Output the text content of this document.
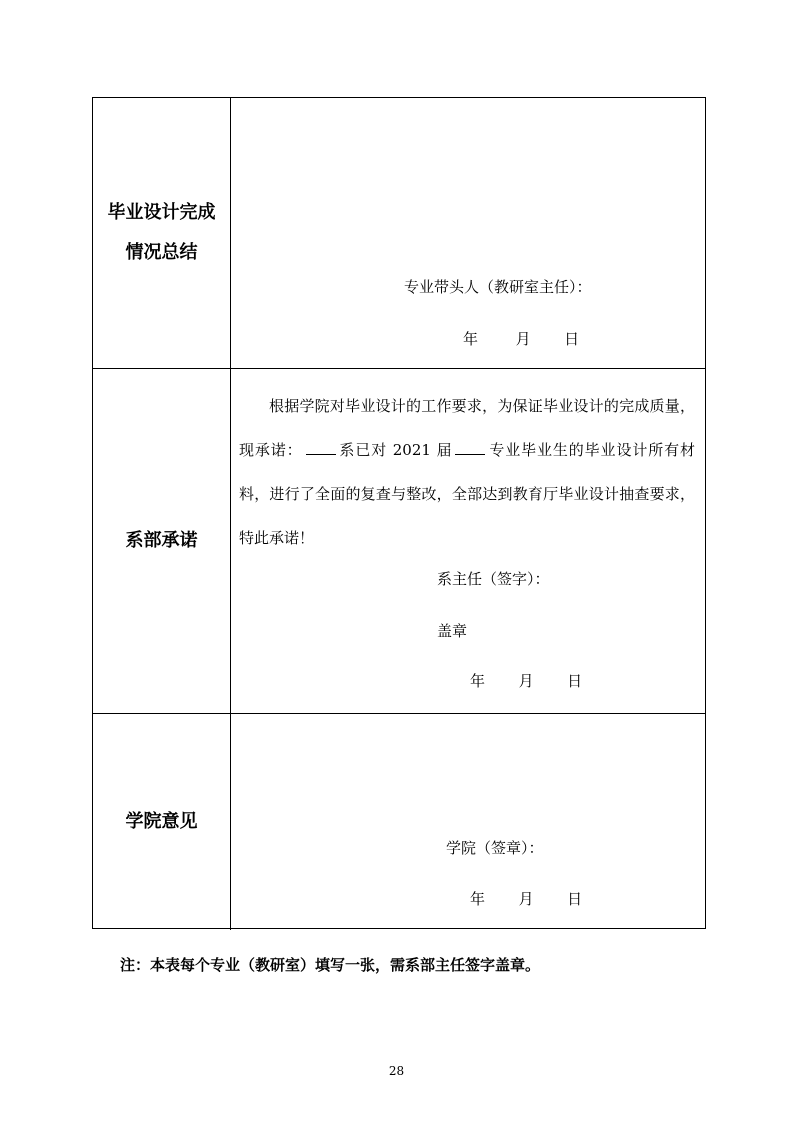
毕业设计完成
情况总结
专业带头人（教研室主任）：
年	月 日
系部承诺
根据学院对毕业设计的工作要求，为保证毕业设计的完成质量，现承诺： 系已对 2021 届 专业毕业生的毕业设计所有材料，进行了全面的复查与整改，全部达到教育厅毕业设计抽查要求，特此承诺！
系主任（签字）：
盖章
年 月 日
学院意见
学院（签章）：
年 月 日
注：本表每个专业（教研室）填写一张，需系部主任签字盖章。
28
